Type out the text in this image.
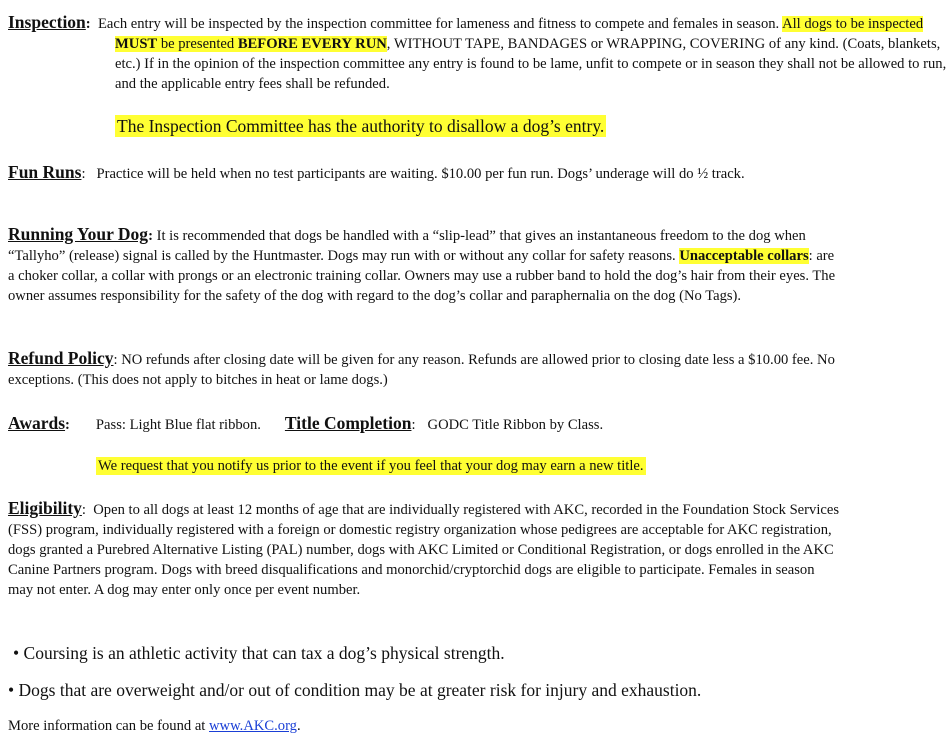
Inspection: Each entry will be inspected by the inspection committee for lameness and fitness to compete and females in season. All dogs to be inspected MUST be presented BEFORE EVERY RUN, WITHOUT TAPE, BANDAGES or WRAPPING, COVERING of any kind. (Coats, blankets, etc.) If in the opinion of the inspection committee any entry is found to be lame, unfit to compete or in season they shall not be allowed to run, and the applicable entry fees shall be refunded.
The Inspection Committee has the authority to disallow a dog’s entry.
Fun Runs: Practice will be held when no test participants are waiting. $10.00 per fun run. Dogs’ underage will do ½ track.
Running Your Dog: It is recommended that dogs be handled with a “slip-lead” that gives an instantaneous freedom to the dog when “Tallyho” (release) signal is called by the Huntmaster. Dogs may run with or without any collar for safety reasons. Unacceptable collars: are a choker collar, a collar with prongs or an electronic training collar. Owners may use a rubber band to hold the dog’s hair from their eyes. The owner assumes responsibility for the safety of the dog with regard to the dog’s collar and paraphernalia on the dog (No Tags).
Refund Policy: NO refunds after closing date will be given for any reason. Refunds are allowed prior to closing date less a $10.00 fee. No exceptions. (This does not apply to bitches in heat or lame dogs.)
Awards: Pass: Light Blue flat ribbon. Title Completion: GODC Title Ribbon by Class.
We request that you notify us prior to the event if you feel that your dog may earn a new title.
Eligibility: Open to all dogs at least 12 months of age that are individually registered with AKC, recorded in the Foundation Stock Services (FSS) program, individually registered with a foreign or domestic registry organization whose pedigrees are acceptable for AKC registration, dogs granted a Purebred Alternative Listing (PAL) number, dogs with AKC Limited or Conditional Registration, or dogs enrolled in the AKC Canine Partners program. Dogs with breed disqualifications and monorchid/cryptorchid dogs are eligible to participate. Females in season may not enter. A dog may enter only once per event number.
• Coursing is an athletic activity that can tax a dog’s physical strength.
• Dogs that are overweight and/or out of condition may be at greater risk for injury and exhaustion.
More information can be found at www.AKC.org.
